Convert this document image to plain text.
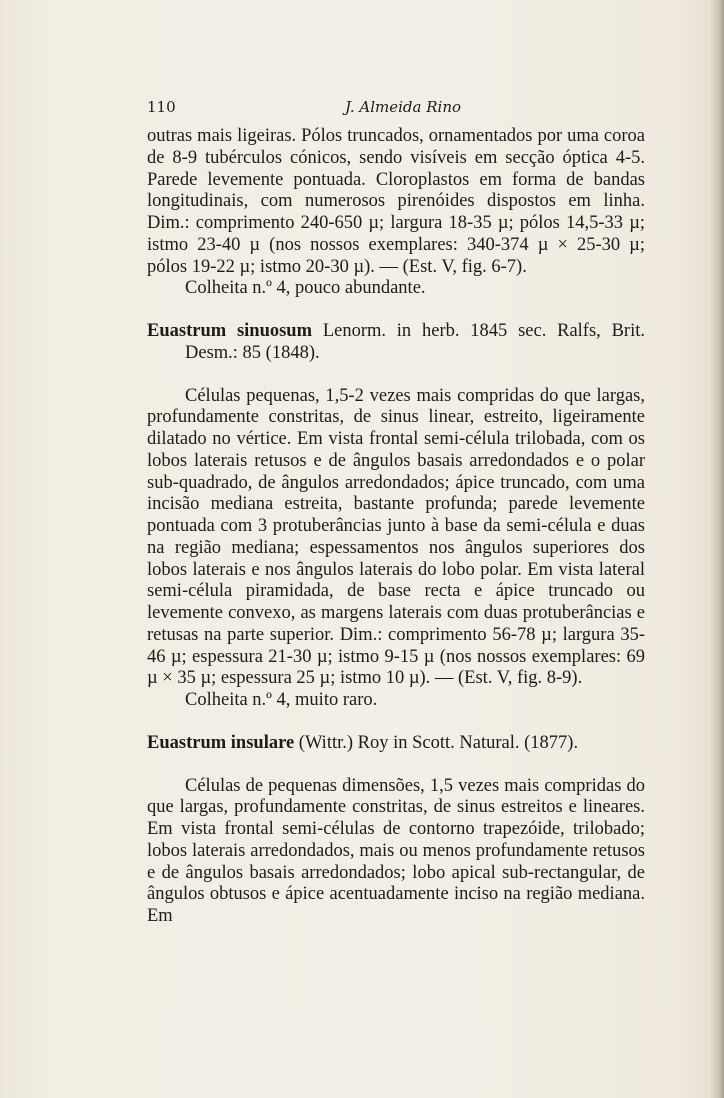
110	J. Almeida Rino

outras mais ligeiras. Pólos truncados, ornamentados por uma coroa de 8-9 tubérculos cónicos, sendo visíveis em secção óptica 4-5. Parede levemente pontuada. Cloroplastos em forma de bandas longitudinais, com numerosos pirenóides dispostos em linha. Dim.: comprimento 240-650 µ; largura 18-35 µ; pólos 14,5-33 µ; istmo 23-40 µ (nos nossos exemplares: 340-374 µ × 25-30 µ; pólos 19-22 µ; istmo 20-30 µ). — (Est. V, fig. 6-7).

Colheita n.º 4, pouco abundante.

Euastrum sinuosum Lenorm. in herb. 1845 sec. Ralfs, Brit. Desm.: 85 (1848).

Células pequenas, 1,5-2 vezes mais compridas do que largas, profundamente constritas, de sinus linear, estreito, ligeiramente dilatado no vértice. Em vista frontal semi-célula trilobada, com os lobos laterais retusos e de ângulos basais arredondados e o polar sub-quadrado, de ângulos arredondados; ápice truncado, com uma incisão mediana estreita, bastante profunda; parede levemente pontuada com 3 protuberâncias junto à base da semi-célula e duas na região mediana; espessamentos nos ângulos superiores dos lobos laterais e nos ângulos laterais do lobo polar. Em vista lateral semi-célula piramidada, de base recta e ápice truncado ou levemente convexo, as margens laterais com duas protuberâncias e retusas na parte superior. Dim.: comprimento 56-78 µ; largura 35-46 µ; espessura 21-30 µ; istmo 9-15 µ (nos nossos exemplares: 69 µ × 35 µ; espessura 25 µ; istmo 10 µ). — (Est. V, fig. 8-9).

Colheita n.º 4, muito raro.

Euastrum insulare (Wittr.) Roy in Scott. Natural. (1877).

Células de pequenas dimensões, 1,5 vezes mais compridas do que largas, profundamente constritas, de sinus estreitos e lineares. Em vista frontal semi-células de contorno trapezóide, trilobado; lobos laterais arredondados, mais ou menos profundamente retusos e de ângulos basais arredondados; lobo apical sub-rectangular, de ângulos obtusos e ápice acentuadamente inciso na região mediana. Em
